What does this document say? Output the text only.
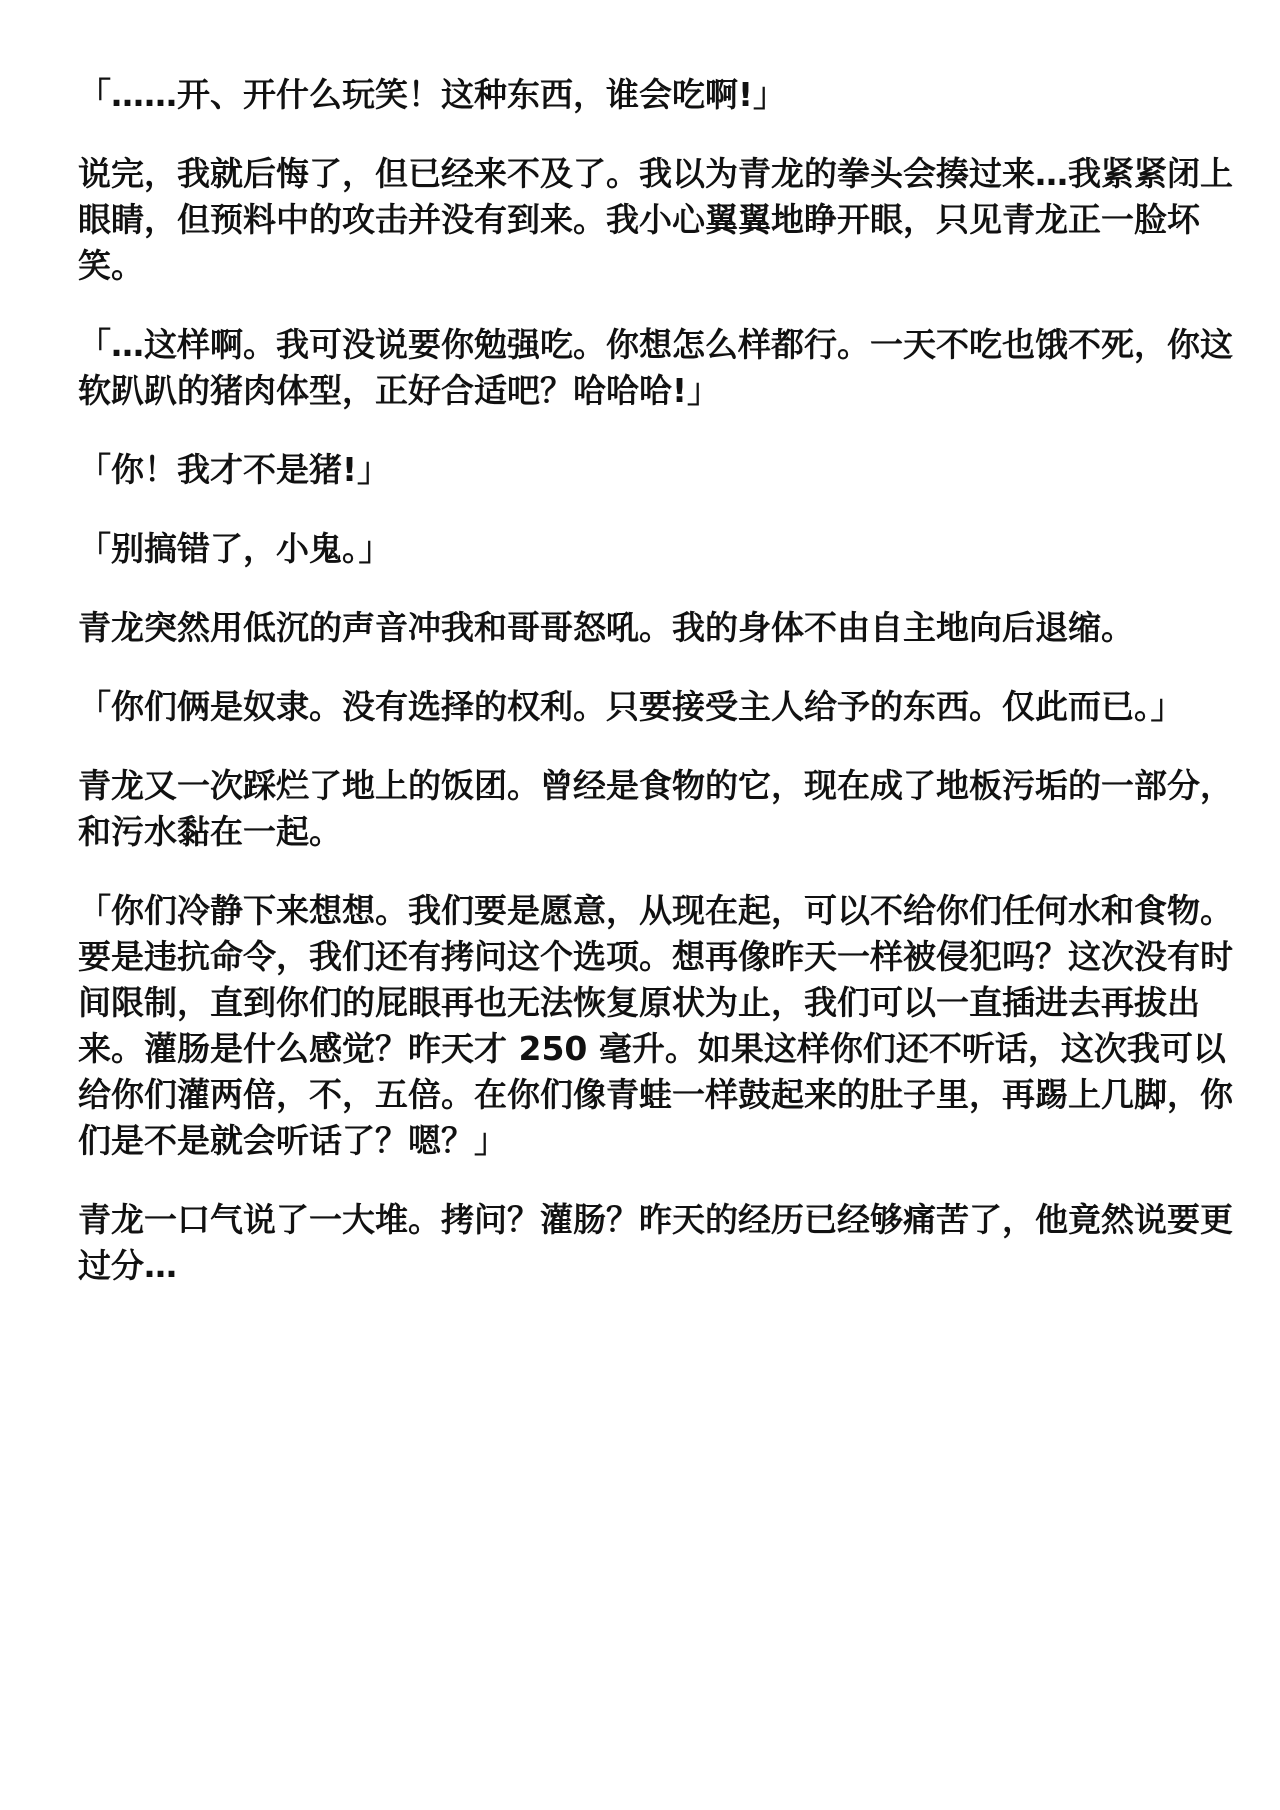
「……开、开什么玩笑！这种东西，谁会吃啊!」

说完，我就后悔了，但已经来不及了。我以为青龙的拳头会揍过来…我紧紧闭上眼睛，但预料中的攻击并没有到来。我小心翼翼地睁开眼，只见青龙正一脸坏笑。

「…这样啊。我可没说要你勉强吃。你想怎么样都行。一天不吃也饿不死，你这软趴趴的猪肉体型，正好合适吧？哈哈哈!」

「你！我才不是猪!」

「别搞错了，小鬼。」

青龙突然用低沉的声音冲我和哥哥怒吼。我的身体不由自主地向后退缩。

「你们俩是奴隶。没有选择的权利。只要接受主人给予的东西。仅此而已。」

青龙又一次踩烂了地上的饭团。曾经是食物的它，现在成了地板污垢的一部分，和污水黏在一起。

「你们冷静下来想想。我们要是愿意，从现在起，可以不给你们任何水和食物。要是违抗命令，我们还有拷问这个选项。想再像昨天一样被侵犯吗？这次没有时间限制，直到你们的屁眼再也无法恢复原状为止，我们可以一直插进去再拔出来。灌肠是什么感觉？昨天才 250 毫升。如果这样你们还不听话，这次我可以给你们灌两倍，不，五倍。在你们像青蛙一样鼓起来的肚子里，再踢上几脚，你们是不是就会听话了？嗯？」

青龙一口气说了一大堆。拷问？灌肠？昨天的经历已经够痛苦了，他竟然说要更过分…
